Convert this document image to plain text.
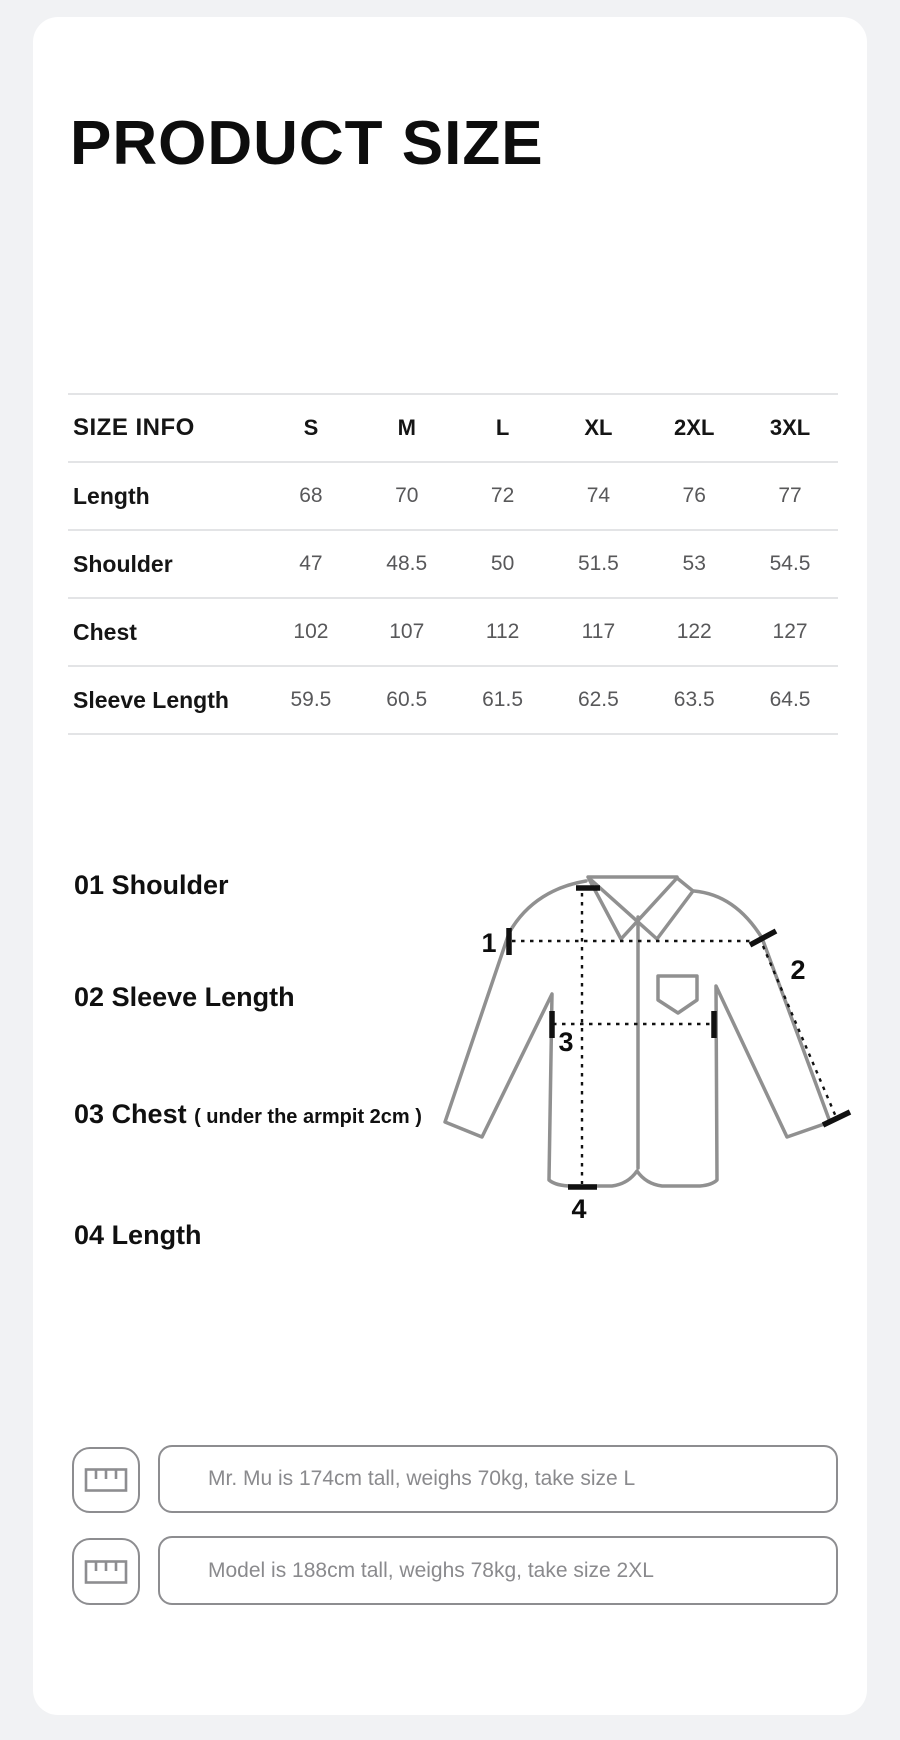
PRODUCT SIZE
SIZE INFO	S	M	L	XL	2XL	3XL
Length	68	70	72	74	76	77
Shoulder	47	48.5	50	51.5	53	54.5
Chest	102	107	112	117	122	127
Sleeve Length	59.5	60.5	61.5	62.5	63.5	64.5
01 Shoulder
02 Sleeve Length
03 Chest ( under the armpit 2cm )
04 Length
1
2
3
4
Mr. Mu is 174cm tall, weighs 70kg, take size L
Model is 188cm tall, weighs 78kg, take size 2XL
